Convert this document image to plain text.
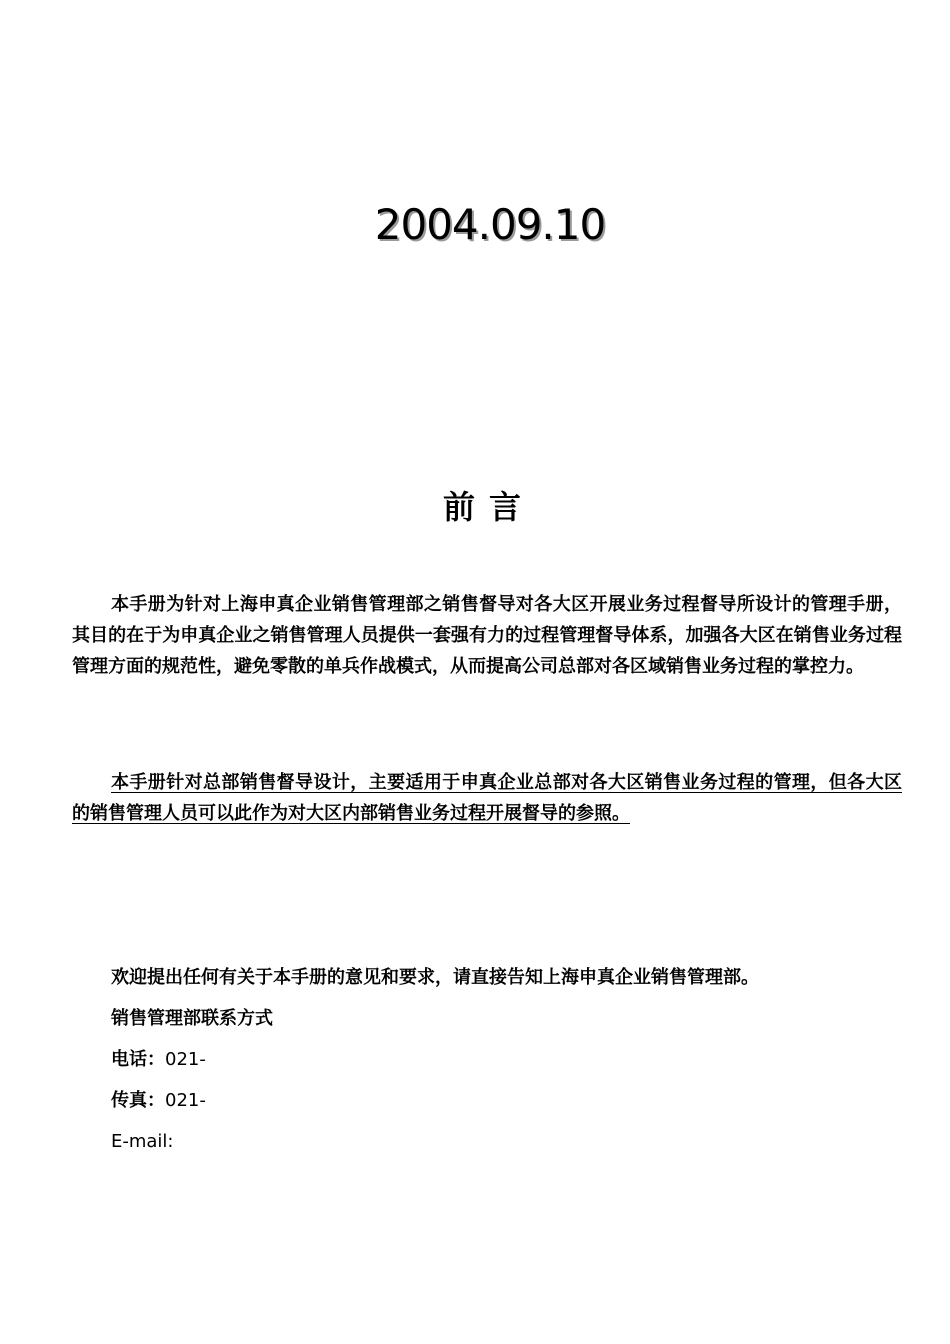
2004.09.10
前言

本手册为针对上海申真企业销售管理部之销售督导对各大区开展业务过程督导所设计的管理手册，其目的在于为申真企业之销售管理人员提供一套强有力的过程管理督导体系，加强各大区在销售业务过程管理方面的规范性，避免零散的单兵作战模式，从而提高公司总部对各区域销售业务过程的掌控力。

本手册针对总部销售督导设计，主要适用于申真企业总部对各大区销售业务过程的管理，但各大区的销售管理人员可以此作为对大区内部销售业务过程开展督导的参照。

欢迎提出任何有关于本手册的意见和要求，请直接告知上海申真企业销售管理部。
销售管理部联系方式
电话：021-
传真：021-
E-mail:
